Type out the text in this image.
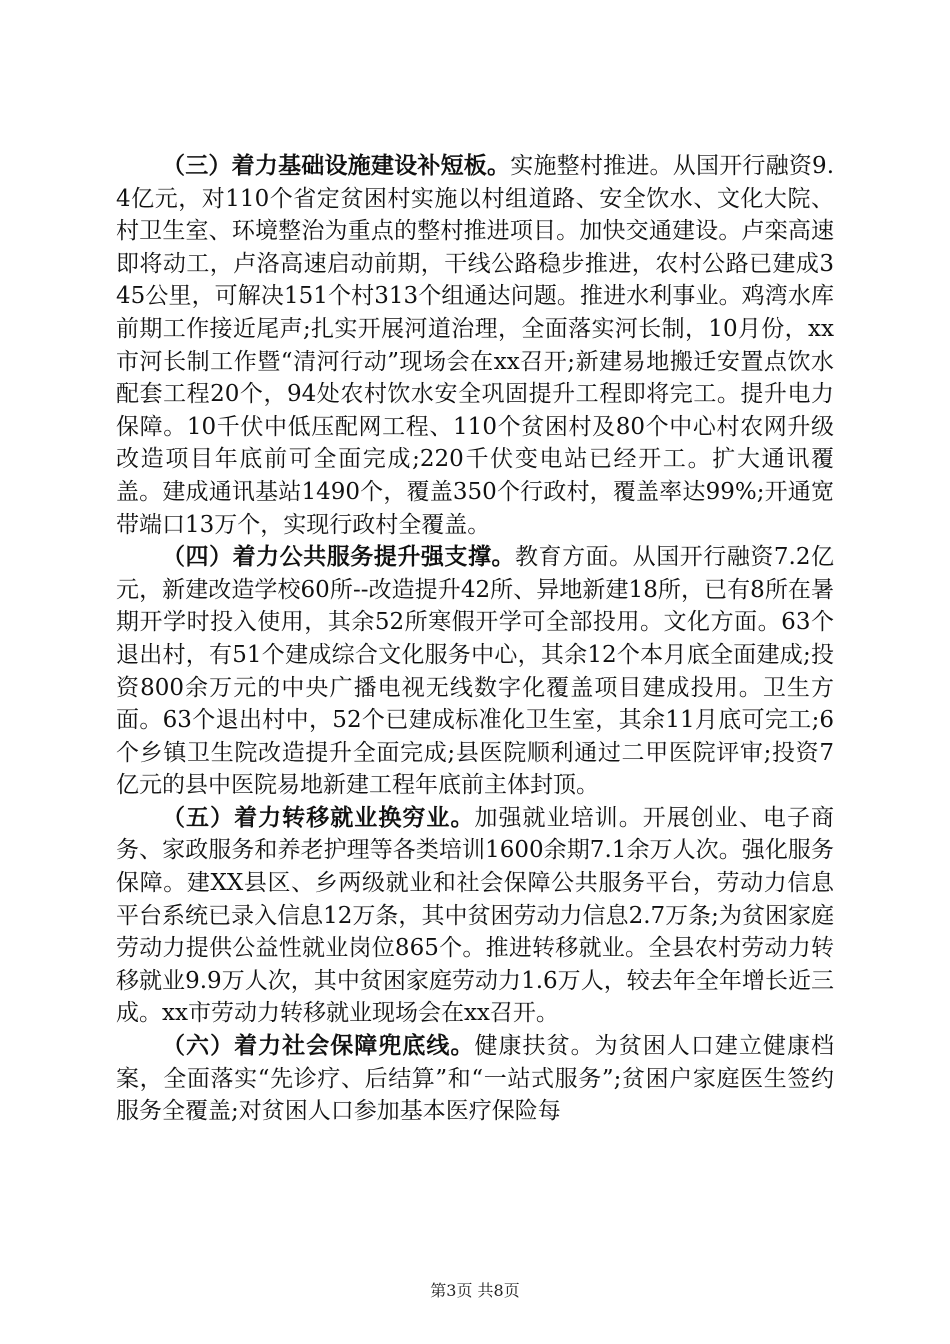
（三）着力基础设施建设补短板。实施整村推进。从国开行融资9.4亿元，对110个省定贫困村实施以村组道路、安全饮水、文化大院、村卫生室、环境整治为重点的整村推进项目。加快交通建设。卢栾高速即将动工，卢洛高速启动前期，干线公路稳步推进，农村公路已建成345公里，可解决151个村313个组通达问题。推进水利事业。鸡湾水库前期工作接近尾声;扎实开展河道治理，全面落实河长制，10月份，xx市河长制工作暨“清河行动”现场会在xx召开;新建易地搬迁安置点饮水配套工程20个，94处农村饮水安全巩固提升工程即将完工。提升电力保障。10千伏中低压配网工程、110个贫困村及80个中心村农网升级改造项目年底前可全面完成;220千伏变电站已经开工。扩大通讯覆盖。建成通讯基站1490个，覆盖350个行政村，覆盖率达99%;开通宽带端口13万个，实现行政村全覆盖。

（四）着力公共服务提升强支撑。教育方面。从国开行融资7.2亿元，新建改造学校60所--改造提升42所、异地新建18所，已有8所在暑期开学时投入使用，其余52所寒假开学可全部投用。文化方面。63个退出村，有51个建成综合文化服务中心，其余12个本月底全面建成;投资800余万元的中央广播电视无线数字化覆盖项目建成投用。卫生方面。63个退出村中，52个已建成标准化卫生室，其余11月底可完工;6个乡镇卫生院改造提升全面完成;县医院顺利通过二甲医院评审;投资7亿元的县中医院易地新建工程年底前主体封顶。

（五）着力转移就业换穷业。加强就业培训。开展创业、电子商务、家政服务和养老护理等各类培训1600余期7.1余万人次。强化服务保障。建XX县区、乡两级就业和社会保障公共服务平台，劳动力信息平台系统已录入信息12万条，其中贫困劳动力信息2.7万条;为贫困家庭劳动力提供公益性就业岗位865个。推进转移就业。全县农村劳动力转移就业9.9万人次，其中贫困家庭劳动力1.6万人，较去年全年增长近三成。xx市劳动力转移就业现场会在xx召开。

（六）着力社会保障兜底线。健康扶贫。为贫困人口建立健康档案，全面落实“先诊疗、后结算”和“一站式服务”;贫困户家庭医生签约服务全覆盖;对贫困人口参加基本医疗保险每

第3页 共8页
